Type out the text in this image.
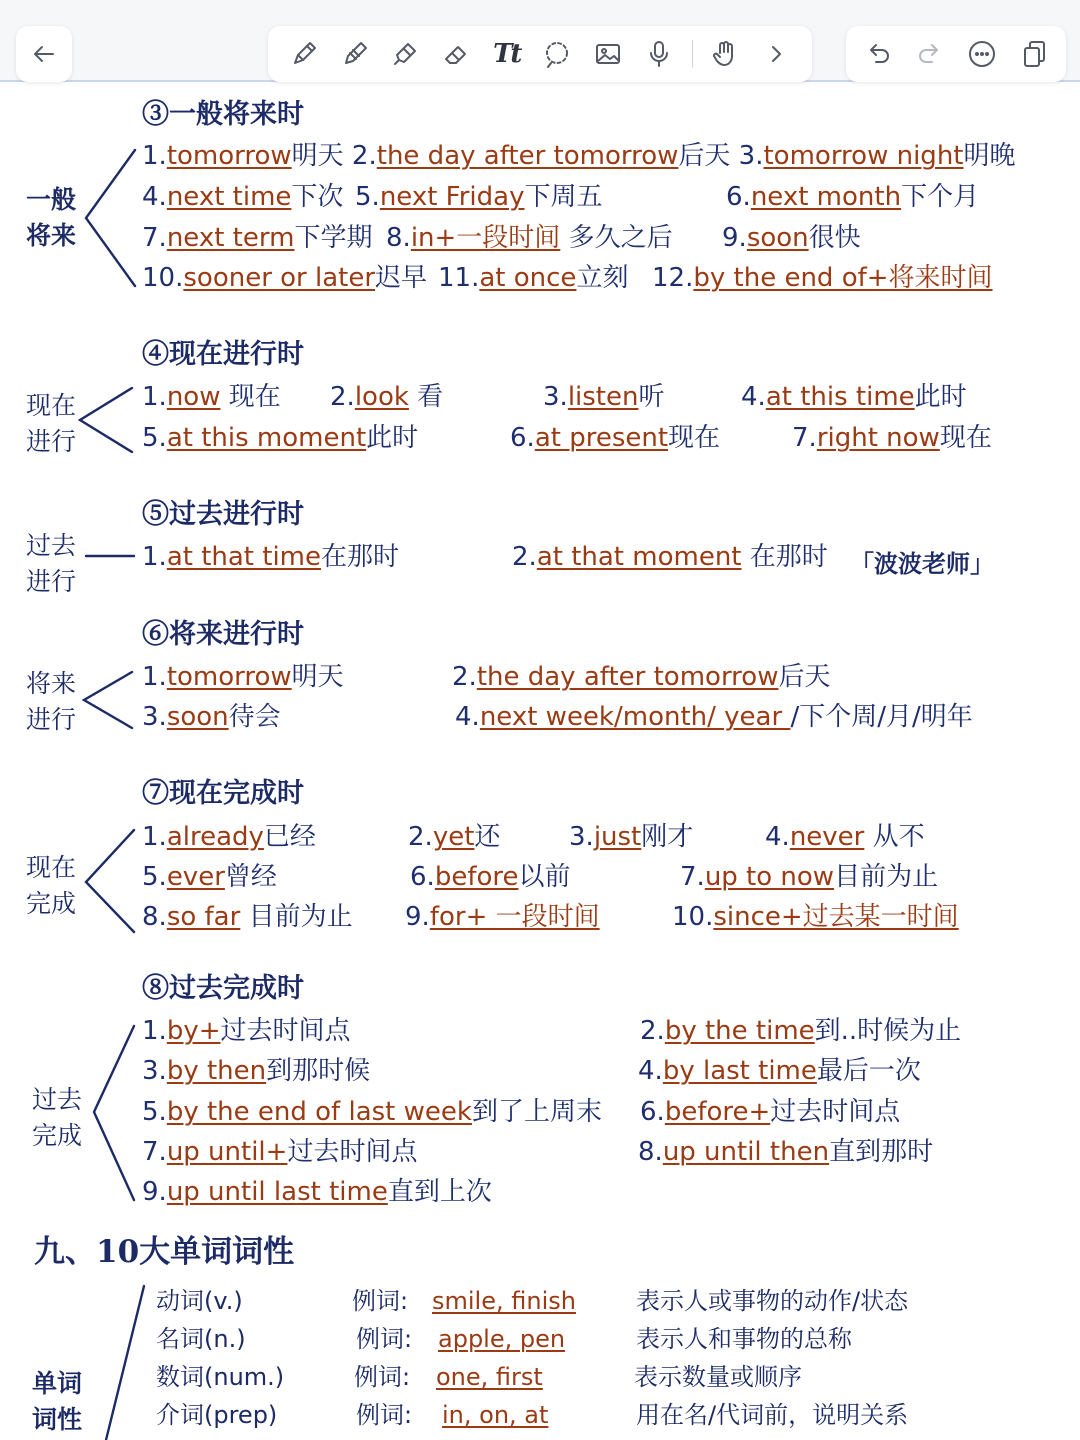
Tt
③一般将来时
一般
将来
1.tomorrow明天 2.the day after tomorrow后天 3.tomorrow night明晚
4.next time下次 5.next Friday下周五	6.next month下个月
7.next term下学期 8.in+一段时间 多久之后 9.soon很快
10.sooner or later迟早 11.at once立刻 12.by the end of+将来时间
④现在进行时
现在
进行
1.now 现在 2.look 看	3.listen听	4.at this time此时
5.at this moment此时	6.at present现在	7.right now现在
⑤过去进行时
过去
进行
1.at that time在那时	2.at that moment 在那时 「波波老师」
⑥将来进行时
将来
进行
1.tomorrow明天	2.the day after tomorrow后天
3.soon待会	4.next week/month/ year /下个周/月/明年
⑦现在完成时
现在
完成
1.already已经	2.yet还	3.just刚才	4.never 从不
5.ever曾经	6.before以前	7.up to now目前为止
8.so far 目前为止 9.for+ 一段时间	10.since+过去某一时间
⑧过去完成时
过去
完成
1.by+过去时间点	2.by the time到..时候为止
3.by then到那时候	4.by last time最后一次
5.by the end of last week到了上周末 6.before+过去时间点
7.up until+过去时间点	8.up until then直到那时
9.up until last time直到上次
九、10大单词词性
单词
词性
动词(v.)	例词: smile, finish	表示人或事物的动作/状态
名词(n.)	例词: apple, pen	表示人和事物的总称
数词(num.)	例词: one, first	表示数量或顺序
介词(prep)	例词: in, on, at	用在名/代词前，说明关系
